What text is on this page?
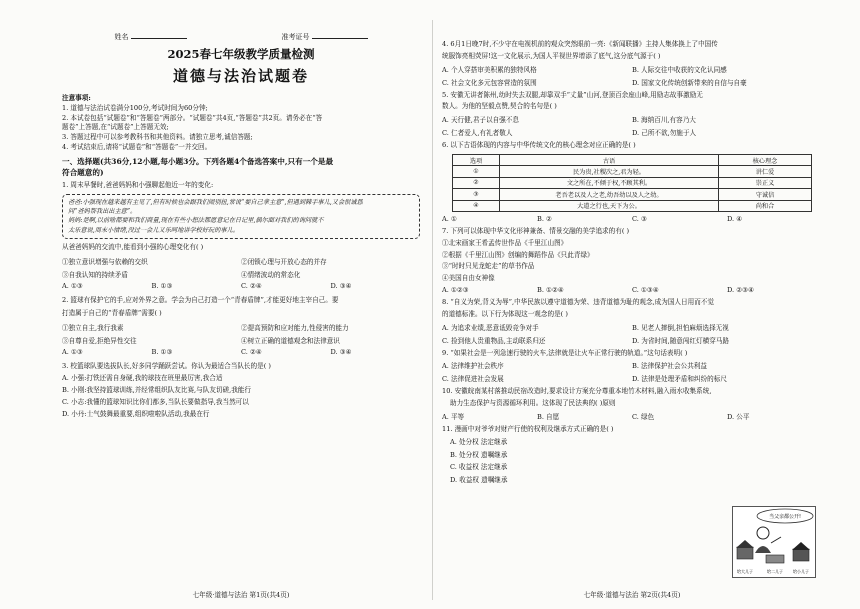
姓名	准考证号
2025春七年级教学质量检测
道德与法治试题卷
注意事项:
1. 道德与法治试卷满分100分,考试时间为60分钟;
2. 本试卷包括“试题卷”和“答题卷”两部分。“试题卷”共4页,“答题卷”共2页。请务必在“答
题卷”上答题,在“试题卷”上答题无效;
3. 答题过程中可以参考教科书和其他资料。请独立思考,诚信答题;
4. 考试结束后,请将“试题卷”和“答题卷”一并交回。
一、选择题(共36分,12小题,每小题3分。下列各题4个备选答案中,只有一个是最
符合题意的)
1. 周末早餐时,爸爸妈妈和小强聊起他近一年的变化:
爸爸:小强现在越来越有主见了,但有时候也会跟我们闹别扭,常说“要自己拿主意”,但遇到棘手事儿,又会很诚恳
问“爸妈帮我出出主意”。
妈妈:是啊,以前啥都要和我们商量,现在有些小想法都愿意记在日记里,偶尔面对我们的询问就不
太乐意说,周末小情绪,没过一会儿又乐呵地讲学校好玩的事儿。
从爸爸妈妈的交流中,能看到小强的心理变化有( )
①独立意识增强与依赖的交织	②闭锁心理与开放心态的并存
③自我认知的持续矛盾	④情绪波动的常态化
A. ①③	B. ①③	C. ②④	D. ③④
2. 篮球有保护它的手,应对外界之意。学会为自己打造一个“青春盾牌”,才能更好地主宰自己。要
打造属于自己的“青春盾牌”需要( )
①独立自主,我行我素	②提高预防和应对能力,性侵害的能力
③自尊自爱,拒绝异性交往	④树立正确的道德观念和法律意识
A. ①③	B. ①③	C. ②④	D. ③④
3. 校篮球队要选拔队长,好多同学踊跃尝试。你认为最适合当队长的是( )
A. 小强:打铁还需自身硬,我的球技在班里最厉害,我合适
B. 小刚:我坚持篮球训练,并经常组织队友比赛,与队友切磋,我能行
C. 小志:我懂的篮球知识比你们都多,当队长要做指导,我当然可以
D. 小丹:士气鼓舞最重要,组织啦啦队活动,我最在行
七年级·道德与法治 第1页(共4页)
4. 6月1日晚7时,不少守在电视机前的观众突然眼前一亮:《新闻联播》主持人集体换上了中国传
统服饰亮相荧屏!这一文化展示,为国人平视世界增添了底气,这分底气源于( )
A. 个人穿搭审美积累的独特风格	B. 人际交往中收获的文化认同感
C. 社会文化多元包容营造的氛围	D. 国家文化传统创新带来的自信与自豪
5. 安徽无讲者陈州,幼时失去双腿,却靠双手“丈量”山河,登顶百余座山峰,用励志故事激励无
数人。为他的坚毅点赞,契合的名句是( )
A. 天行健,君子以自强不息	B. 海纳百川,有容乃大
C. 仁者爱人,有礼者敬人	D. 己所不欲,勿施于人
6. 以下古语体现的内容与中华传统文化的核心理念对应正确的是( )
选项	古语	核心理念
①	民为贵,社稷次之,君为轻。	讲仁爱
②	文之所在,不倾于权,不顾其利。	崇正义
③	老吾老以及人之老,幼吾幼以及人之幼。	守诚信
④	大道之行也,天下为公。	尚和合
A. ①	B. ②	C. ③	D. ④
7. 下列可以体现中华文化形神兼备、情景交融的美学追求的有( )
①北宋画家王希孟传世作品《千里江山图》
②根据《千里江山图》创编的舞蹈作品《只此青绿》
③“时时只见龙蛇走”的草书作品
④美国自由女神像
A. ①②③	B. ①②④	C. ①③④	D. ②③④
8. “自义为荣,背义为辱”,中华民族以遵守道德为荣、违背道德为耻的观念,成为国人日用而不觉
的道德标准。以下行为体现这一观念的是( )
A. 为追求业绩,恶意诋毁竞争对手	B. 见老人摔倒,担怕麻烦选择无视
C. 捡到他人贵重物品,主动联系归还	D. 为省时间,随意闯红灯横穿马路
9. “如果社会是一列急速行驶的火车,法律就是让火车正常行驶的轨道。”这句话表明( )
A. 法律维护社会秩序	B. 法律保护社会公共利益
C. 法律促进社会发展	D. 法律是处理矛盾和纠纷的标尺
10. 安徽皖南某村落推动民宿改造时,要求设计方案充分尊重本地竹木材料,融入雨水收集系统,
助力生态保护与资源循环利用。这体现了民法典的( )原则
A. 平等	B. 自愿	C. 绿色	D. 公平
11. 漫画中对爷爷对财产行使的权利及继承方式正确的是( )
A. 处分权 法定继承
B. 处分权 遗嘱继承
C. 收益权 法定继承
D. 收益权 遗嘱继承
当父亲都公开!
给大儿子	给二儿子	给小儿子
七年级·道德与法治 第2页(共4页)
